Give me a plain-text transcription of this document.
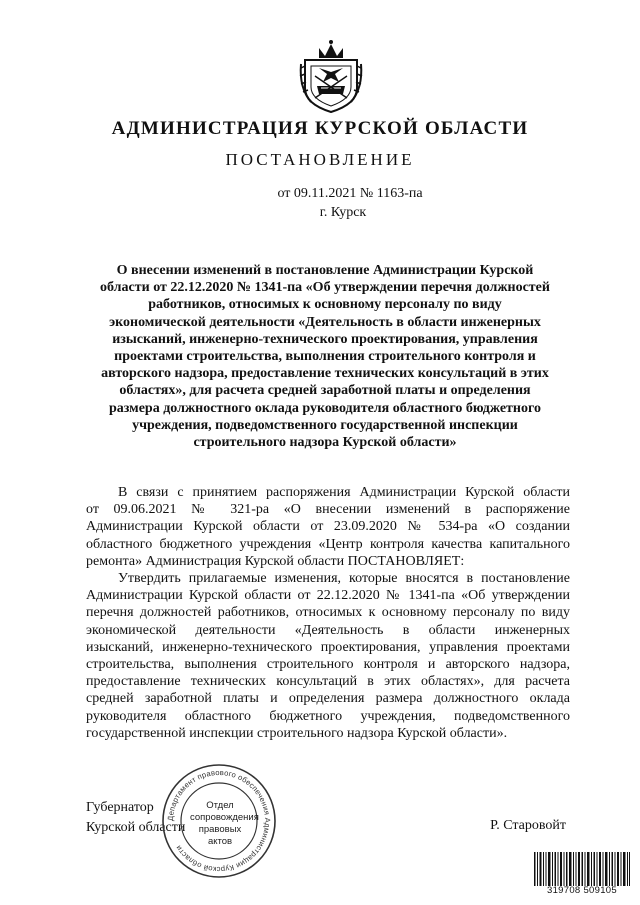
АДМИНИСТРАЦИЯ КУРСКОЙ ОБЛАСТИ
ПОСТАНОВЛЕНИЕ
от 09.11.2021 № 1163-па
г. Курск
О внесении изменений в постановление Администрации Курской
области от 22.12.2020 № 1341-па «Об утверждении перечня должностей
работников, относимых к основному персоналу по виду
экономической деятельности «Деятельность в области инженерных
изысканий, инженерно-технического проектирования, управления
проектами строительства, выполнения строительного контроля и
авторского надзора, предоставление технических консультаций в этих
областях», для расчета средней заработной платы и определения
размера должностного оклада руководителя областного бюджетного
учреждения, подведомственного государственной инспекции
строительного надзора Курской области»
В связи с принятием распоряжения Администрации Курской области
от 09.06.2021 № 321-ра «О внесении изменений в распоряжение
Администрации Курской области от 23.09.2020 № 534-ра «О создании
областного бюджетного учреждения «Центр контроля качества капитального
ремонта» Администрация Курской области ПОСТАНОВЛЯЕТ:
Утвердить прилагаемые изменения, которые вносятся в постановление
Администрации Курской области от 22.12.2020 № 1341-па «Об утверждении
перечня должностей работников, относимых к основному персоналу по виду
экономической деятельности «Деятельность в области инженерных
изысканий, инженерно-технического проектирования, управления проектами
строительства, выполнения строительного контроля и авторского надзора,
предоставление технических консультаций в этих областях», для расчета
средней заработной платы и определения размера должностного оклада
руководителя областного бюджетного учреждения, подведомственного
государственной инспекции строительного надзора Курской области».
Губернатор
Курской области
Департамент правового обеспечения Администрации Курской области
Отдел
сопровождения
правовых
актов
Р. Старовойт
319708 509105
